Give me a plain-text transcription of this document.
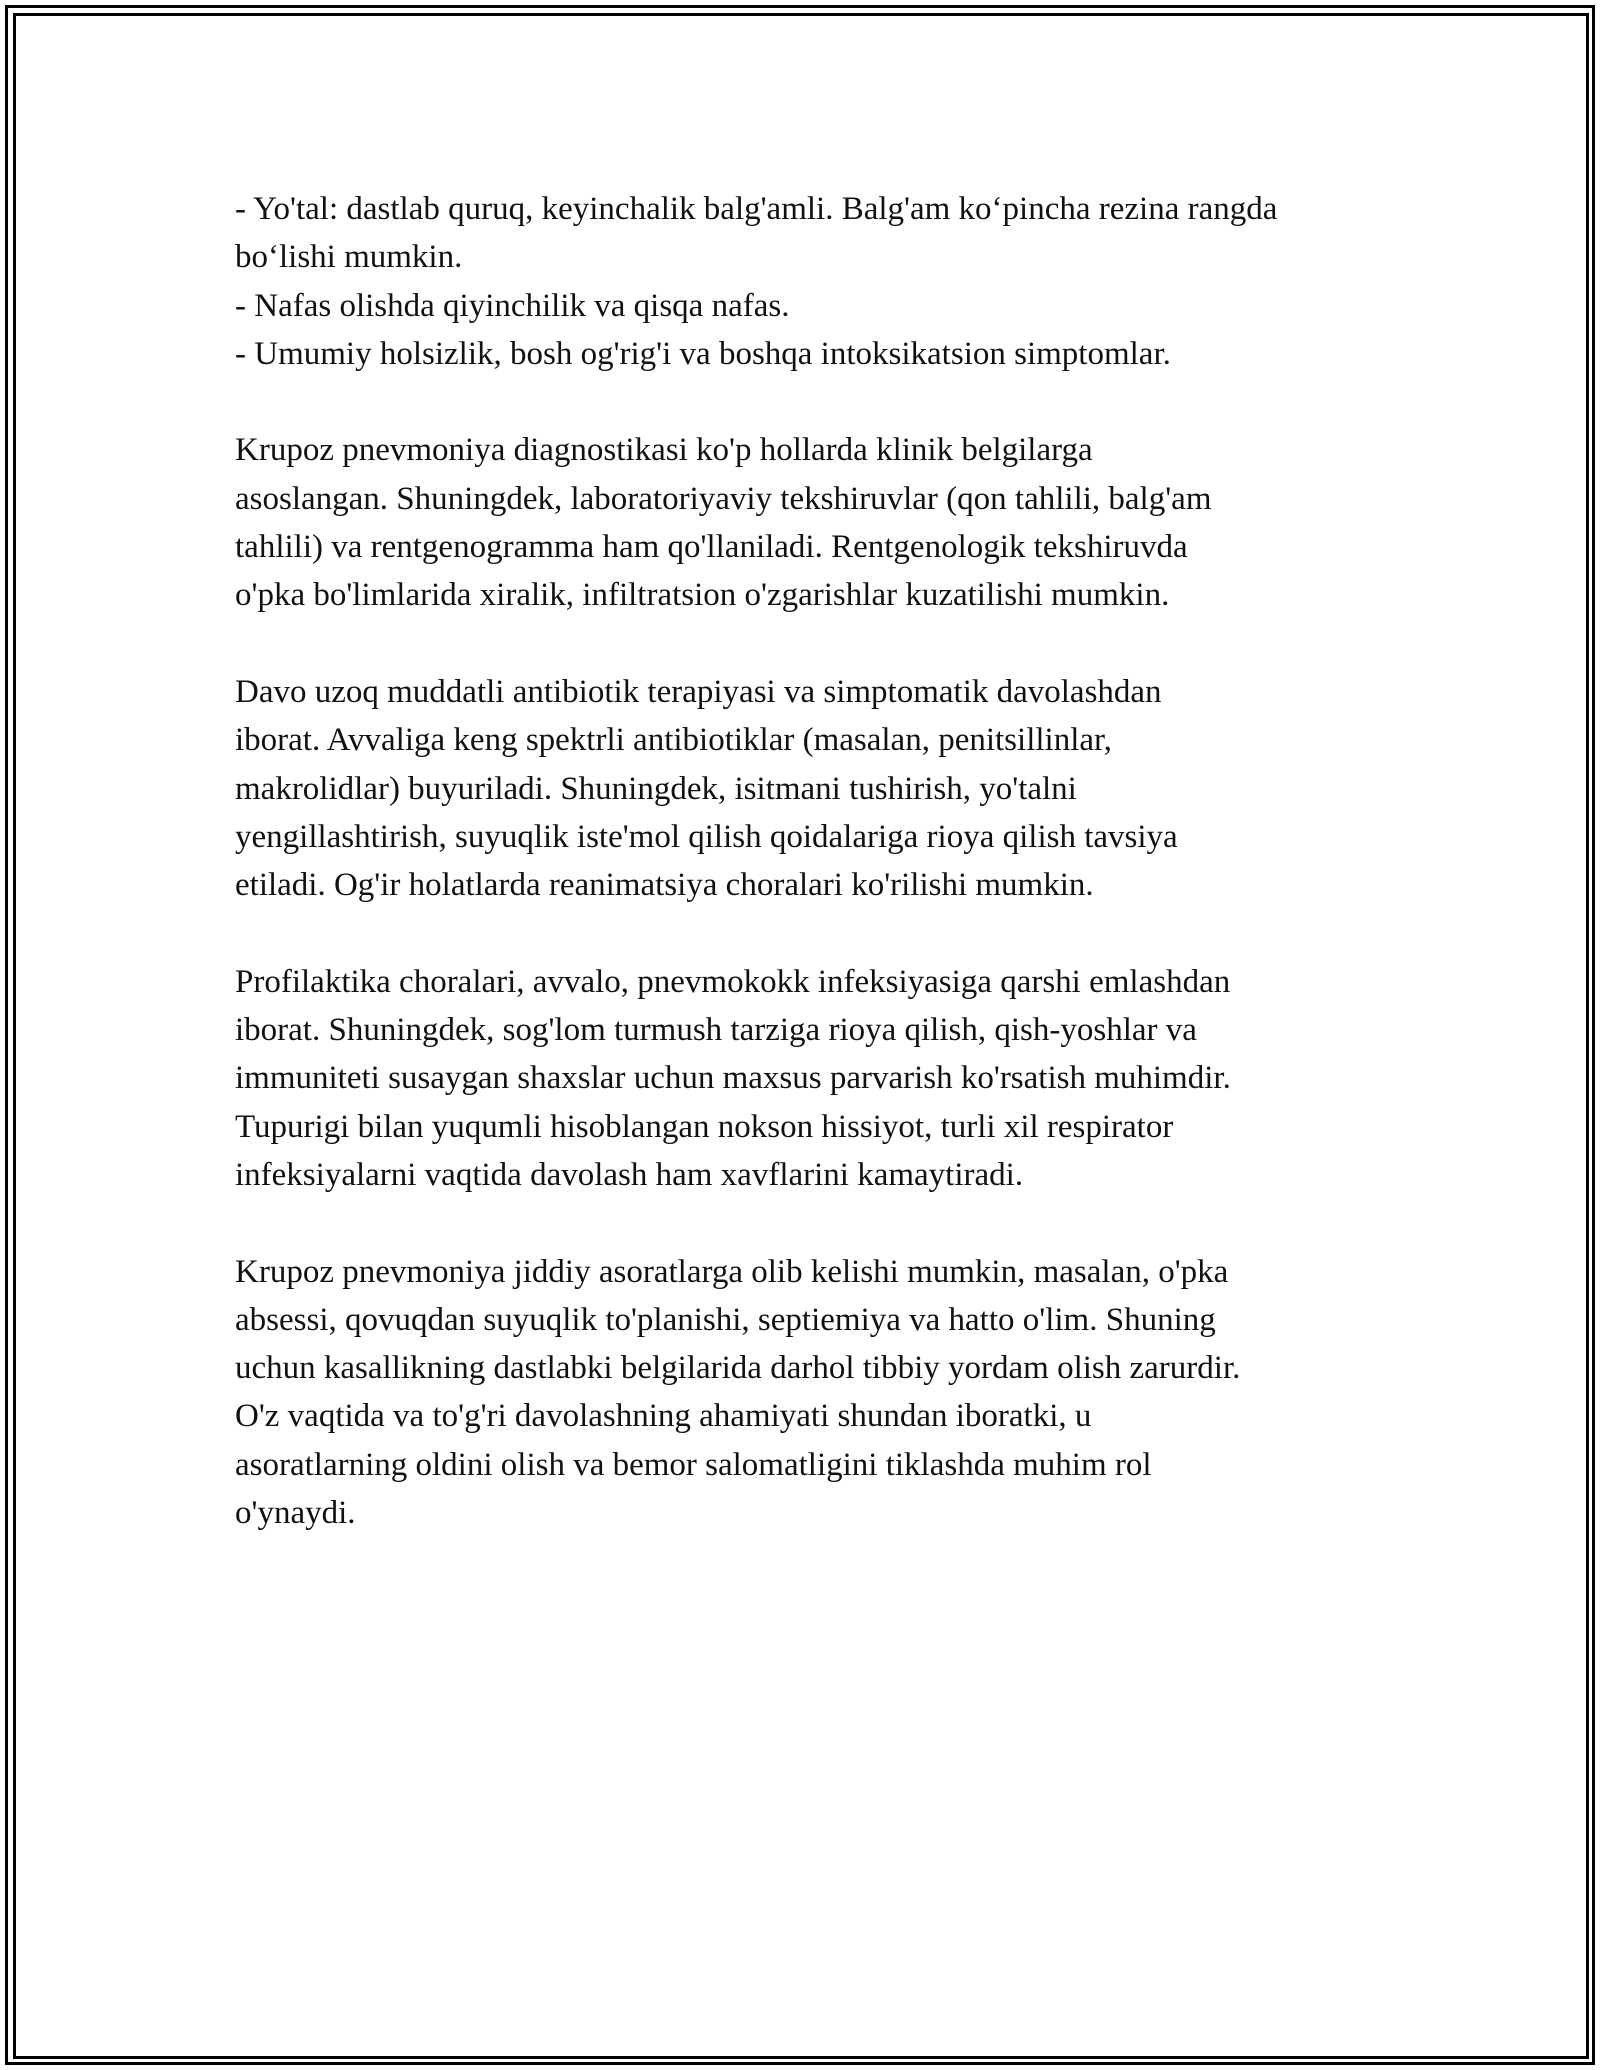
- Yo'tal: dastlab quruq, keyinchalik balg'amli. Balg'am ko‘pincha rezina rangda bo‘lishi mumkin.
- Nafas olishda qiyinchilik va qisqa nafas.
- Umumiy holsizlik, bosh og'rig'i va boshqa intoksikatsion simptomlar.

Krupoz pnevmoniya diagnostikasi ko'p hollarda klinik belgilarga
asoslangan. Shuningdek, laboratoriyaviy tekshiruvlar (qon tahlili, balg'am
tahlili) va rentgenogramma ham qo'llaniladi. Rentgenologik tekshiruvda
o'pka bo'limlarida xiralik, infiltratsion o'zgarishlar kuzatilishi mumkin.

Davo uzoq muddatli antibiotik terapiyasi va simptomatik davolashdan
iborat. Avvaliga keng spektrli antibiotiklar (masalan, penitsillinlar,
makrolidlar) buyuriladi. Shuningdek, isitmani tushirish, yo'talni
yengillashtirish, suyuqlik iste'mol qilish qoidalariga rioya qilish tavsiya
etiladi. Og'ir holatlarda reanimatsiya choralari ko'rilishi mumkin.

Profilaktika choralari, avvalo, pnevmokokk infeksiyasiga qarshi emlashdan
iborat. Shuningdek, sog'lom turmush tarziga rioya qilish, qish-yoshlar va
immuniteti susaygan shaxslar uchun maxsus parvarish ko'rsatish muhimdir.
Tupurigi bilan yuqumli hisoblangan nokson hissiyot, turli xil respirator
infeksiyalarni vaqtida davolash ham xavflarini kamaytiradi.

Krupoz pnevmoniya jiddiy asoratlarga olib kelishi mumkin, masalan, o'pka
absessi, qovuqdan suyuqlik to'planishi, septiemiya va hatto o'lim. Shuning
uchun kasallikning dastlabki belgilarida darhol tibbiy yordam olish zarurdir.
O'z vaqtida va to'g'ri davolashning ahamiyati shundan iboratki, u
asoratlarning oldini olish va bemor salomatligini tiklashda muhim rol
o'ynaydi.
